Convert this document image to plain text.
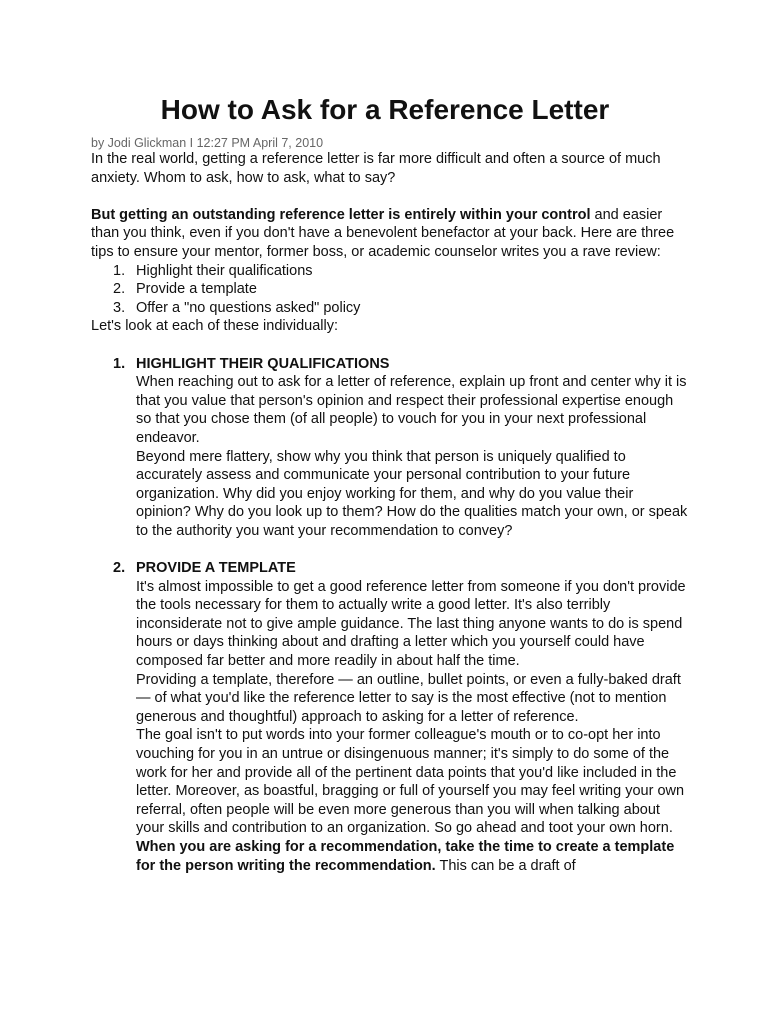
How to Ask for a Reference Letter
by Jodi Glickman I 12:27 PM April 7, 2010

In the real world, getting a reference letter is far more difficult and often a source of much anxiety. Whom to ask, how to ask, what to say?

But getting an outstanding reference letter is entirely within your control and easier than you think, even if you don't have a benevolent benefactor at your back. Here are three tips to ensure your mentor, former boss, or academic counselor writes you a rave review:

1. Highlight their qualifications
2. Provide a template
3. Offer a "no questions asked" policy

Let's look at each of these individually:

1. HIGHLIGHT THEIR QUALIFICATIONS

When reaching out to ask for a letter of reference, explain up front and center why it is that you value that person's opinion and respect their professional expertise enough so that you chose them (of all people) to vouch for you in your next professional endeavor.

Beyond mere flattery, show why you think that person is uniquely qualified to accurately assess and communicate your personal contribution to your future organization. Why did you enjoy working for them, and why do you value their opinion? Why do you look up to them? How do the qualities match your own, or speak to the authority you want your recommendation to convey?

2. PROVIDE A TEMPLATE

It's almost impossible to get a good reference letter from someone if you don't provide the tools necessary for them to actually write a good letter. It's also terribly inconsiderate not to give ample guidance. The last thing anyone wants to do is spend hours or days thinking about and drafting a letter which you yourself could have composed far better and more readily in about half the time.

Providing a template, therefore — an outline, bullet points, or even a fully-baked draft — of what you'd like the reference letter to say is the most effective (not to mention generous and thoughtful) approach to asking for a letter of reference.

The goal isn't to put words into your former colleague's mouth or to co-opt her into vouching for you in an untrue or disingenuous manner; it's simply to do some of the work for her and provide all of the pertinent data points that you'd like included in the letter. Moreover, as boastful, bragging or full of yourself you may feel writing your own referral, often people will be even more generous than you will when talking about your skills and contribution to an organization. So go ahead and toot your own horn.

When you are asking for a recommendation, take the time to create a template for the person writing the recommendation. This can be a draft of
